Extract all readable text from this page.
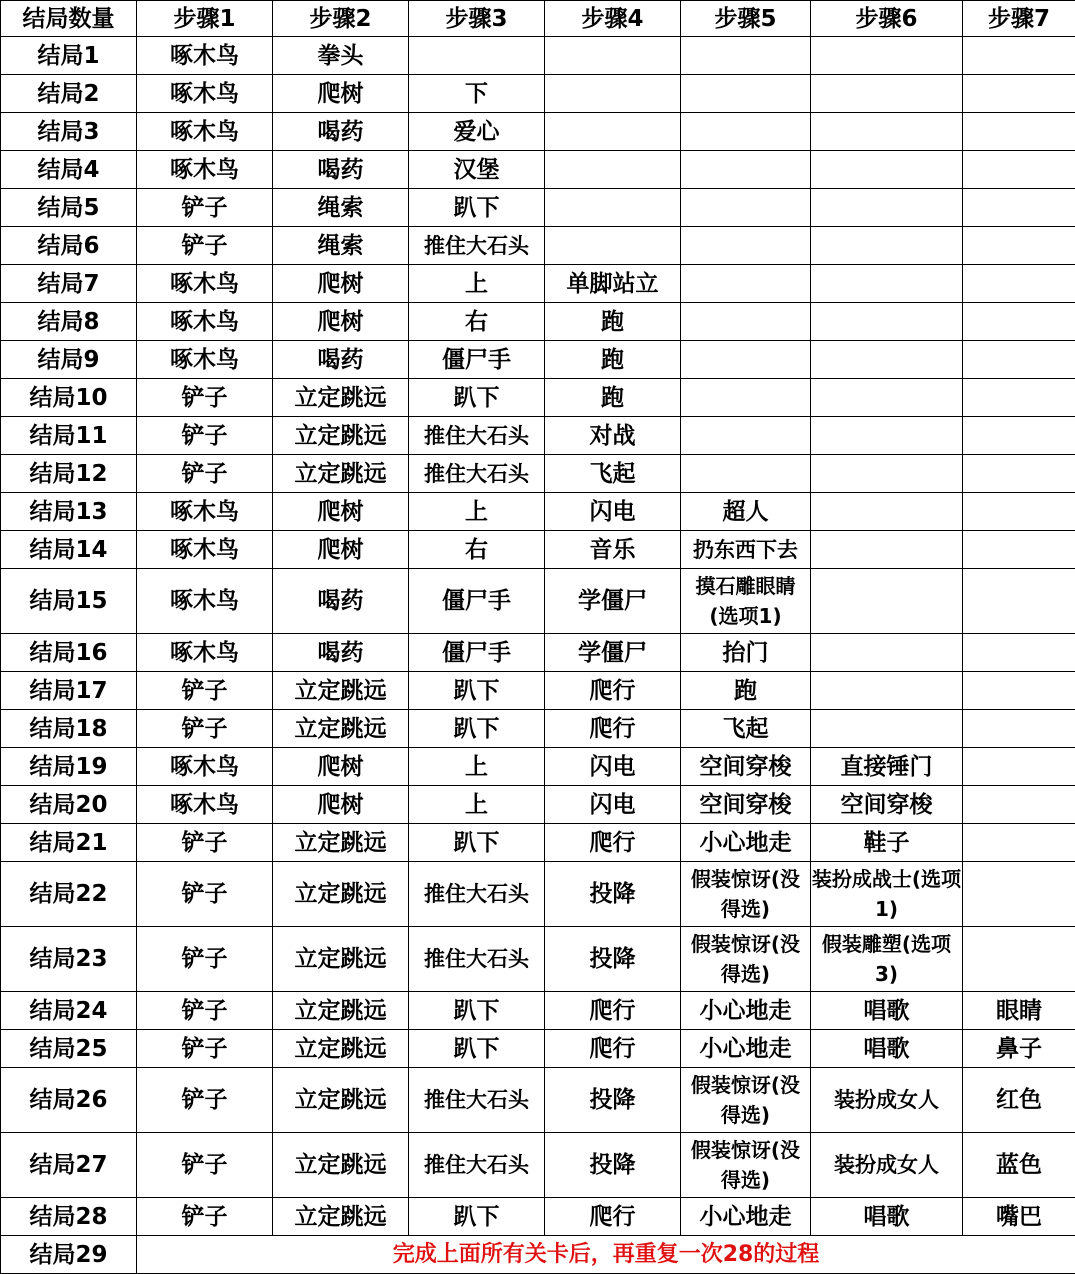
结局数量	步骤1	步骤2	步骤3	步骤4	步骤5	步骤6	步骤7
结局1	啄木鸟	拳头					
结局2	啄木鸟	爬树	下				
结局3	啄木鸟	喝药	爱心				
结局4	啄木鸟	喝药	汉堡				
结局5	铲子	绳索	趴下				
结局6	铲子	绳索	推住大石头				
结局7	啄木鸟	爬树	上	单脚站立			
结局8	啄木鸟	爬树	右	跑			
结局9	啄木鸟	喝药	僵尸手	跑			
结局10	铲子	立定跳远	趴下	跑			
结局11	铲子	立定跳远	推住大石头	对战			
结局12	铲子	立定跳远	推住大石头	飞起			
结局13	啄木鸟	爬树	上	闪电	超人		
结局14	啄木鸟	爬树	右	音乐	扔东西下去		
结局15	啄木鸟	喝药	僵尸手	学僵尸	摸石雕眼睛(选项1)		
结局16	啄木鸟	喝药	僵尸手	学僵尸	抬门		
结局17	铲子	立定跳远	趴下	爬行	跑		
结局18	铲子	立定跳远	趴下	爬行	飞起		
结局19	啄木鸟	爬树	上	闪电	空间穿梭	直接锤门	
结局20	啄木鸟	爬树	上	闪电	空间穿梭	空间穿梭	
结局21	铲子	立定跳远	趴下	爬行	小心地走	鞋子	
结局22	铲子	立定跳远	推住大石头	投降	假装惊讶(没得选)	装扮成战士(选项1)	
结局23	铲子	立定跳远	推住大石头	投降	假装惊讶(没得选)	假装雕塑(选项3)	
结局24	铲子	立定跳远	趴下	爬行	小心地走	唱歌	眼睛
结局25	铲子	立定跳远	趴下	爬行	小心地走	唱歌	鼻子
结局26	铲子	立定跳远	推住大石头	投降	假装惊讶(没得选)	装扮成女人	红色
结局27	铲子	立定跳远	推住大石头	投降	假装惊讶(没得选)	装扮成女人	蓝色
结局28	铲子	立定跳远	趴下	爬行	小心地走	唱歌	嘴巴
结局29	完成上面所有关卡后，再重复一次28的过程						
